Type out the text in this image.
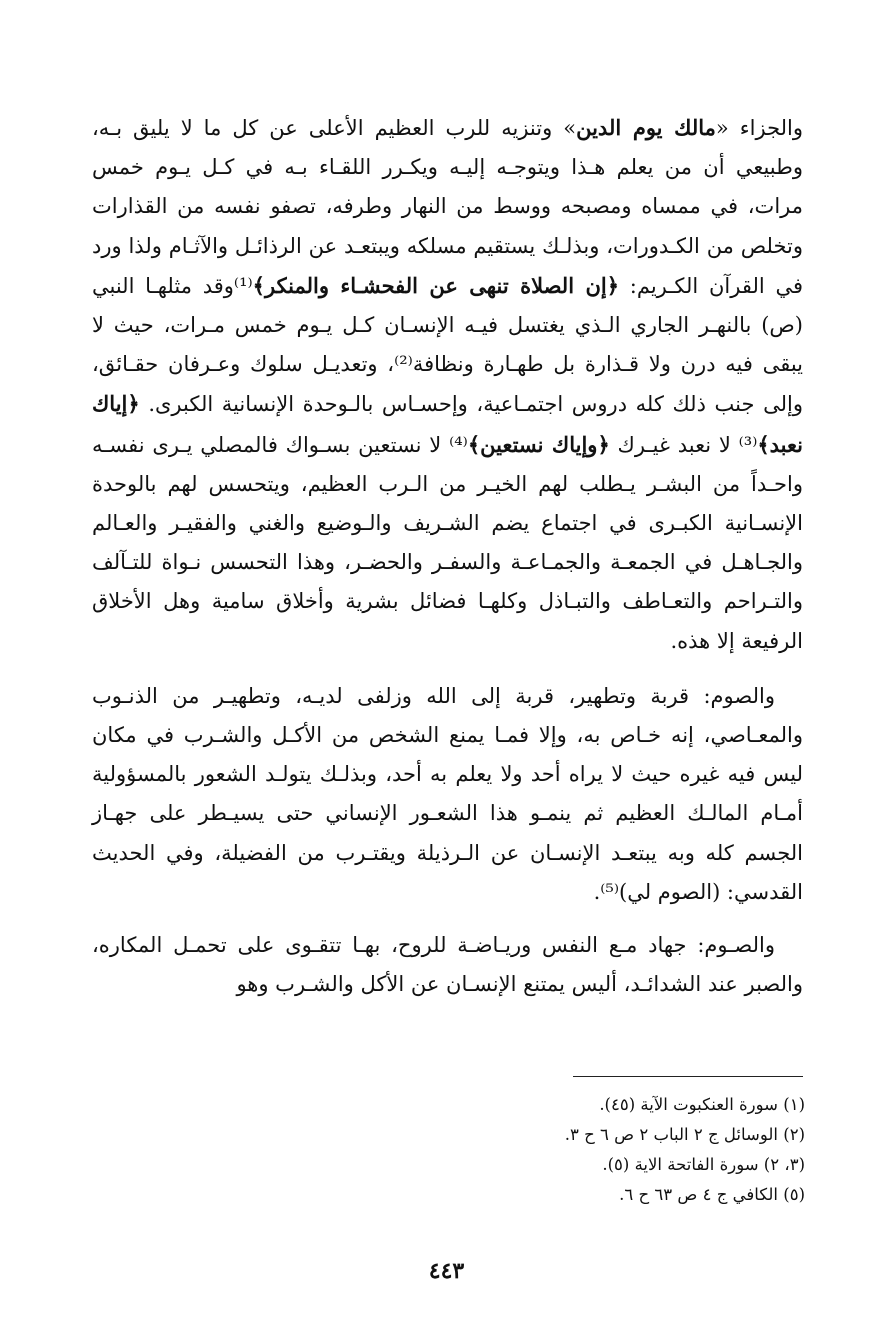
والجزاء «مالك يوم الدين» وتنزيه للرب العظيم الأعلى عن كل ما لا يليق بـه، وطبيعي أن من يعلم هـذا ويتوجـه إليـه ويكـرر اللقـاء بـه في كـل يـوم خمس مرات، في ممساه ومصبحه ووسط من النهار وطرفه، تصفو نفسه من القذارات وتخلص من الكـدورات، وبذلـك يستقيم مسلكه ويبتعـد عن الرذائـل والآثـام ولذا ورد في القرآن الكـريم: ﴿إن الصلاة تنهى عن الفحشـاء والمنكر﴾⁽¹⁾وقد مثلهـا النبي (ص) بالنهـر الجاري الـذي يغتسل فيـه الإنسـان كـل يـوم خمس مـرات، حيث لا يبقى فيه درن ولا قـذارة بل طهـارة ونظافة⁽²⁾، وتعديـل سلوك وعـرفان حقـائق، وإلى جنب ذلك كله دروس اجتمـاعية، وإحسـاس بالـوحدة الإنسانية الكبرى. ﴿إياك نعبد﴾⁽³⁾ لا نعبد غيـرك ﴿وإياك نستعين﴾⁽⁴⁾ لا نستعين بسـواك فالمصلي يـرى نفسـه واحـداً من البشـر يـطلب لهم الخيـر من الـرب العظيم، ويتحسس لهم بالوحدة الإنسـانية الكبـرى في اجتماع يضم الشـريف والـوضيع والغني والفقيـر والعـالم والجـاهـل في الجمعـة والجمـاعـة والسفـر والحضـر، وهذا التحسس نـواة للتـآلف والتـراحم والتعـاطف والتبـاذل وكلهـا فضائل بشرية وأخلاق سامية وهل الأخلاق الرفيعة إلا هذه.

والصوم: قربة وتطهير، قربة إلى الله وزلفى لديـه، وتطهيـر من الذنـوب والمعـاصي، إنه خـاص به، وإلا فمـا يمنع الشخص من الأكـل والشـرب في مكان ليس فيه غيره حيث لا يراه أحد ولا يعلم به أحد، وبذلـك يتولـد الشعور بالمسؤولية أمـام المالـك العظيم ثم ينمـو هذا الشعـور الإنساني حتى يسيـطر على جهـاز الجسم كله وبه يبتعـد الإنسـان عن الـرذيلة ويقتـرب من الفضيلة، وفي الحديث القدسي: (الصوم لي)⁽⁵⁾.

والصـوم: جهاد مـع النفس وريـاضـة للروح، بهـا تتقـوى على تحمـل المكاره، والصبر عند الشدائـد، أليس يمتنع الإنسـان عن الأكل والشـرب وهو

(١) سورة العنكبوت الآية (٤٥).

(٢) الوسائل ج ٢ الباب ٢ ص ٦ ح ٣.

(٣، ٢) سورة الفاتحة الاية (٥).

(٥) الكافي ج ٤ ص ٦٣ ح ٦.

٤٤٣
